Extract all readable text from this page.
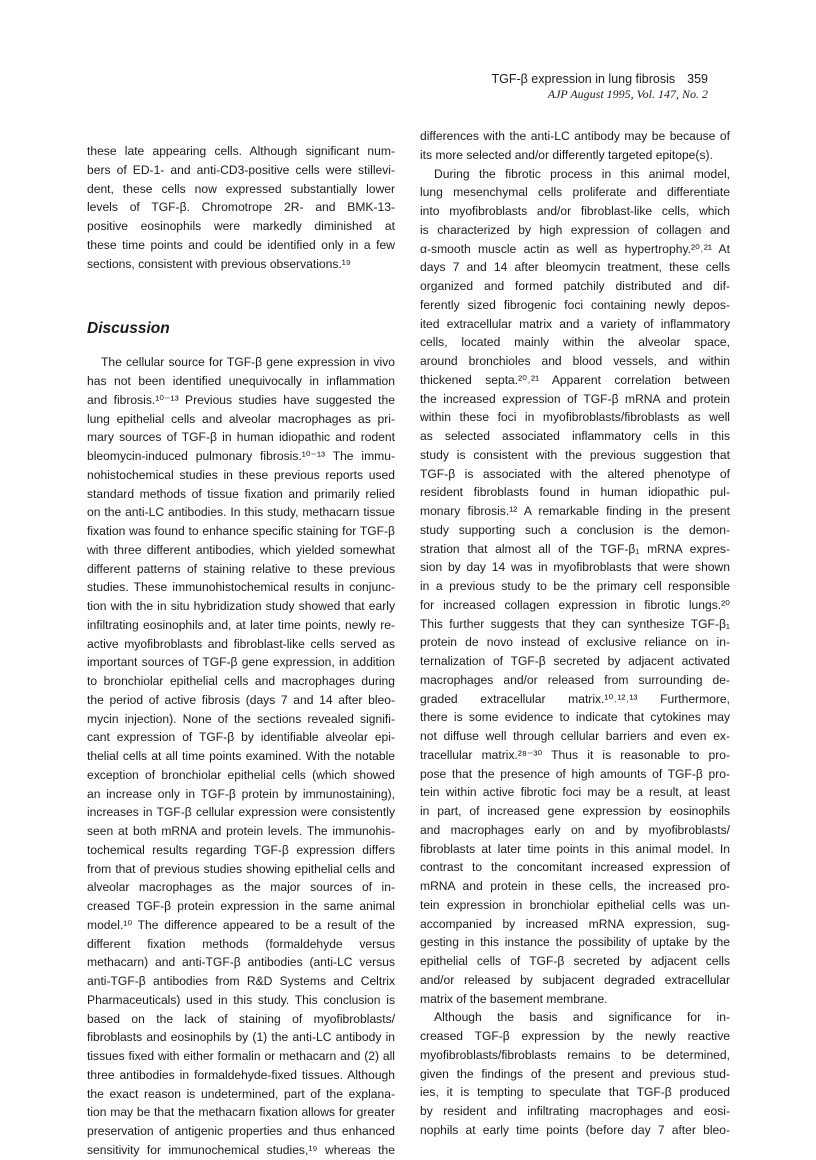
TGF-β expression in lung fibrosis 359
AJP August 1995, Vol. 147, No. 2
these late appearing cells. Although significant num-
bers of ED-1- and anti-CD3-positive cells were stillevi-
dent, these cells now expressed substantially lower
levels of TGF-β. Chromotrope 2R- and BMK-13-
positive eosinophils were markedly diminished at
these time points and could be identified only in a few
sections, consistent with previous observations.¹⁹
Discussion
The cellular source for TGF-β gene expression in vivo
has not been identified unequivocally in inflammation
and fibrosis.¹⁰⁻¹³ Previous studies have suggested the
lung epithelial cells and alveolar macrophages as pri-
mary sources of TGF-β in human idiopathic and rodent
bleomycin-induced pulmonary fibrosis.¹⁰⁻¹³ The immu-
nohistochemical studies in these previous reports used
standard methods of tissue fixation and primarily relied
on the anti-LC antibodies. In this study, methacarn tissue
fixation was found to enhance specific staining for TGF-β
with three different antibodies, which yielded somewhat
different patterns of staining relative to these previous
studies. These immunohistochemical results in conjunc-
tion with the in situ hybridization study showed that early
infiltrating eosinophils and, at later time points, newly re-
active myofibroblasts and fibroblast-like cells served as
important sources of TGF-β gene expression, in addition
to bronchiolar epithelial cells and macrophages during
the period of active fibrosis (days 7 and 14 after bleo-
mycin injection). None of the sections revealed signifi-
cant expression of TGF-β by identifiable alveolar epi-
thelial cells at all time points examined. With the notable
exception of bronchiolar epithelial cells (which showed
an increase only in TGF-β protein by immunostaining),
increases in TGF-β cellular expression were consistently
seen at both mRNA and protein levels. The immunohis-
tochemical results regarding TGF-β expression differs
from that of previous studies showing epithelial cells and
alveolar macrophages as the major sources of in-
creased TGF-β protein expression in the same animal
model.¹⁰ The difference appeared to be a result of the
different fixation methods (formaldehyde versus
methacarn) and anti-TGF-β antibodies (anti-LC versus
anti-TGF-β antibodies from R&D Systems and Celtrix
Pharmaceuticals) used in this study. This conclusion is
based on the lack of staining of myofibroblasts/
fibroblasts and eosinophils by (1) the anti-LC antibody in
tissues fixed with either formalin or methacarn and (2) all
three antibodies in formaldehyde-fixed tissues. Although
the exact reason is undetermined, part of the explana-
tion may be that the methacarn fixation allows for greater
preservation of antigenic properties and thus enhanced
sensitivity for immunochemical studies,¹⁹ whereas the
differences with the anti-LC antibody may be because of
its more selected and/or differently targeted epitope(s).
During the fibrotic process in this animal model,
lung mesenchymal cells proliferate and differentiate
into myofibroblasts and/or fibroblast-like cells, which
is characterized by high expression of collagen and
α-smooth muscle actin as well as hypertrophy.²⁰˒²¹ At
days 7 and 14 after bleomycin treatment, these cells
organized and formed patchily distributed and dif-
ferently sized fibrogenic foci containing newly depos-
ited extracellular matrix and a variety of inflammatory
cells, located mainly within the alveolar space,
around bronchioles and blood vessels, and within
thickened septa.²⁰˒²¹ Apparent correlation between
the increased expression of TGF-β mRNA and protein
within these foci in myofibroblasts/fibroblasts as well
as selected associated inflammatory cells in this
study is consistent with the previous suggestion that
TGF-β is associated with the altered phenotype of
resident fibroblasts found in human idiopathic pul-
monary fibrosis.¹² A remarkable finding in the present
study supporting such a conclusion is the demon-
stration that almost all of the TGF-β₁ mRNA expres-
sion by day 14 was in myofibroblasts that were shown
in a previous study to be the primary cell responsible
for increased collagen expression in fibrotic lungs.²⁰
This further suggests that they can synthesize TGF-β₁
protein de novo instead of exclusive reliance on in-
ternalization of TGF-β secreted by adjacent activated
macrophages and/or released from surrounding de-
graded extracellular matrix.¹⁰˒¹²˒¹³ Furthermore,
there is some evidence to indicate that cytokines may
not diffuse well through cellular barriers and even ex-
tracellular matrix.²⁸⁻³⁰ Thus it is reasonable to pro-
pose that the presence of high amounts of TGF-β pro-
tein within active fibrotic foci may be a result, at least
in part, of increased gene expression by eosinophils
and macrophages early on and by myofibroblasts/
fibroblasts at later time points in this animal model. In
contrast to the concomitant increased expression of
mRNA and protein in these cells, the increased pro-
tein expression in bronchiolar epithelial cells was un-
accompanied by increased mRNA expression, sug-
gesting in this instance the possibility of uptake by the
epithelial cells of TGF-β secreted by adjacent cells
and/or released by subjacent degraded extracellular
matrix of the basement membrane.
Although the basis and significance for in-
creased TGF-β expression by the newly reactive
myofibroblasts/fibroblasts remains to be determined,
given the findings of the present and previous stud-
ies, it is tempting to speculate that TGF-β produced
by resident and infiltrating macrophages and eosi-
nophils at early time points (before day 7 after bleo-
